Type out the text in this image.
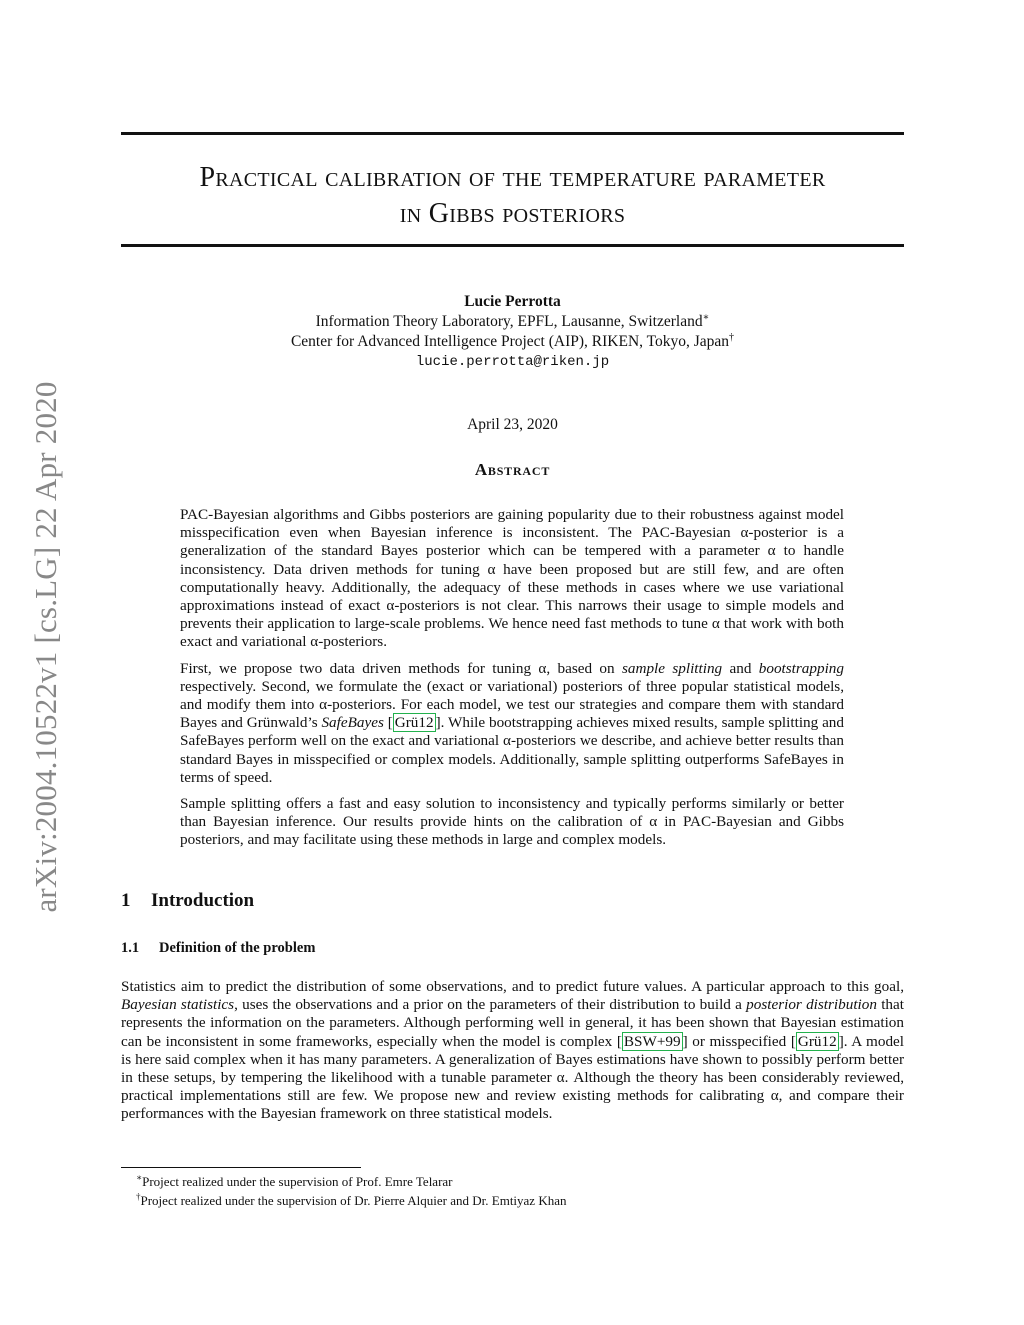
arXiv:2004.10522v1 [cs.LG] 22 Apr 2020
Practical calibration of the temperature parameter
in Gibbs posteriors
Lucie Perrotta
Information Theory Laboratory, EPFL, Lausanne, Switzerland∗
Center for Advanced Intelligence Project (AIP), RIKEN, Tokyo, Japan†
lucie.perrotta@riken.jp
April 23, 2020
Abstract

PAC-Bayesian algorithms and Gibbs posteriors are gaining popularity due to their robustness against model misspecification even when Bayesian inference is inconsistent. The PAC-Bayesian α-posterior is a generalization of the standard Bayes posterior which can be tempered with a parameter α to handle inconsistency. Data driven methods for tuning α have been proposed but are still few, and are often computationally heavy. Additionally, the adequacy of these methods in cases where we use variational approximations instead of exact α-posteriors is not clear. This narrows their usage to simple models and prevents their application to large-scale problems. We hence need fast methods to tune α that work with both exact and variational α-posteriors.

First, we propose two data driven methods for tuning α, based on sample splitting and bootstrapping respectively. Second, we formulate the (exact or variational) posteriors of three popular statistical models, and modify them into α-posteriors. For each model, we test our strategies and compare them with standard Bayes and Grünwald’s SafeBayes [ Grü12 ]. While bootstrapping achieves mixed results, sample splitting and SafeBayes perform well on the exact and variational α-posteriors we describe, and achieve better results than standard Bayes in misspecified or complex models. Additionally, sample splitting outperforms SafeBayes in terms of speed.

Sample splitting offers a fast and easy solution to inconsistency and typically performs similarly or better than Bayesian inference. Our results provide hints on the calibration of α in PAC-Bayesian and Gibbs posteriors, and may facilitate using these methods in large and complex models.

1 Introduction
1.1 Definition of the problem

Statistics aim to predict the distribution of some observations, and to predict future values. A particular approach to this goal, Bayesian statistics, uses the observations and a prior on the parameters of their distribution to build a posterior distribution that represents the information on the parameters. Although performing well in general, it has been shown that Bayesian estimation can be inconsistent in some frameworks, especially when the model is complex [ BSW+99 ] or misspecified [ Grü12 ]. A model is here said complex when it has many parameters. A generalization of Bayes estimations have shown to possibly perform better in these setups, by tempering the likelihood with a tunable parameter α. Although the theory has been considerably reviewed, practical implementations still are few. We propose new and review existing methods for calibrating α, and compare their performances with the Bayesian framework on three statistical models.

∗Project realized under the supervision of Prof. Emre Telarar
†Project realized under the supervision of Dr. Pierre Alquier and Dr. Emtiyaz Khan
